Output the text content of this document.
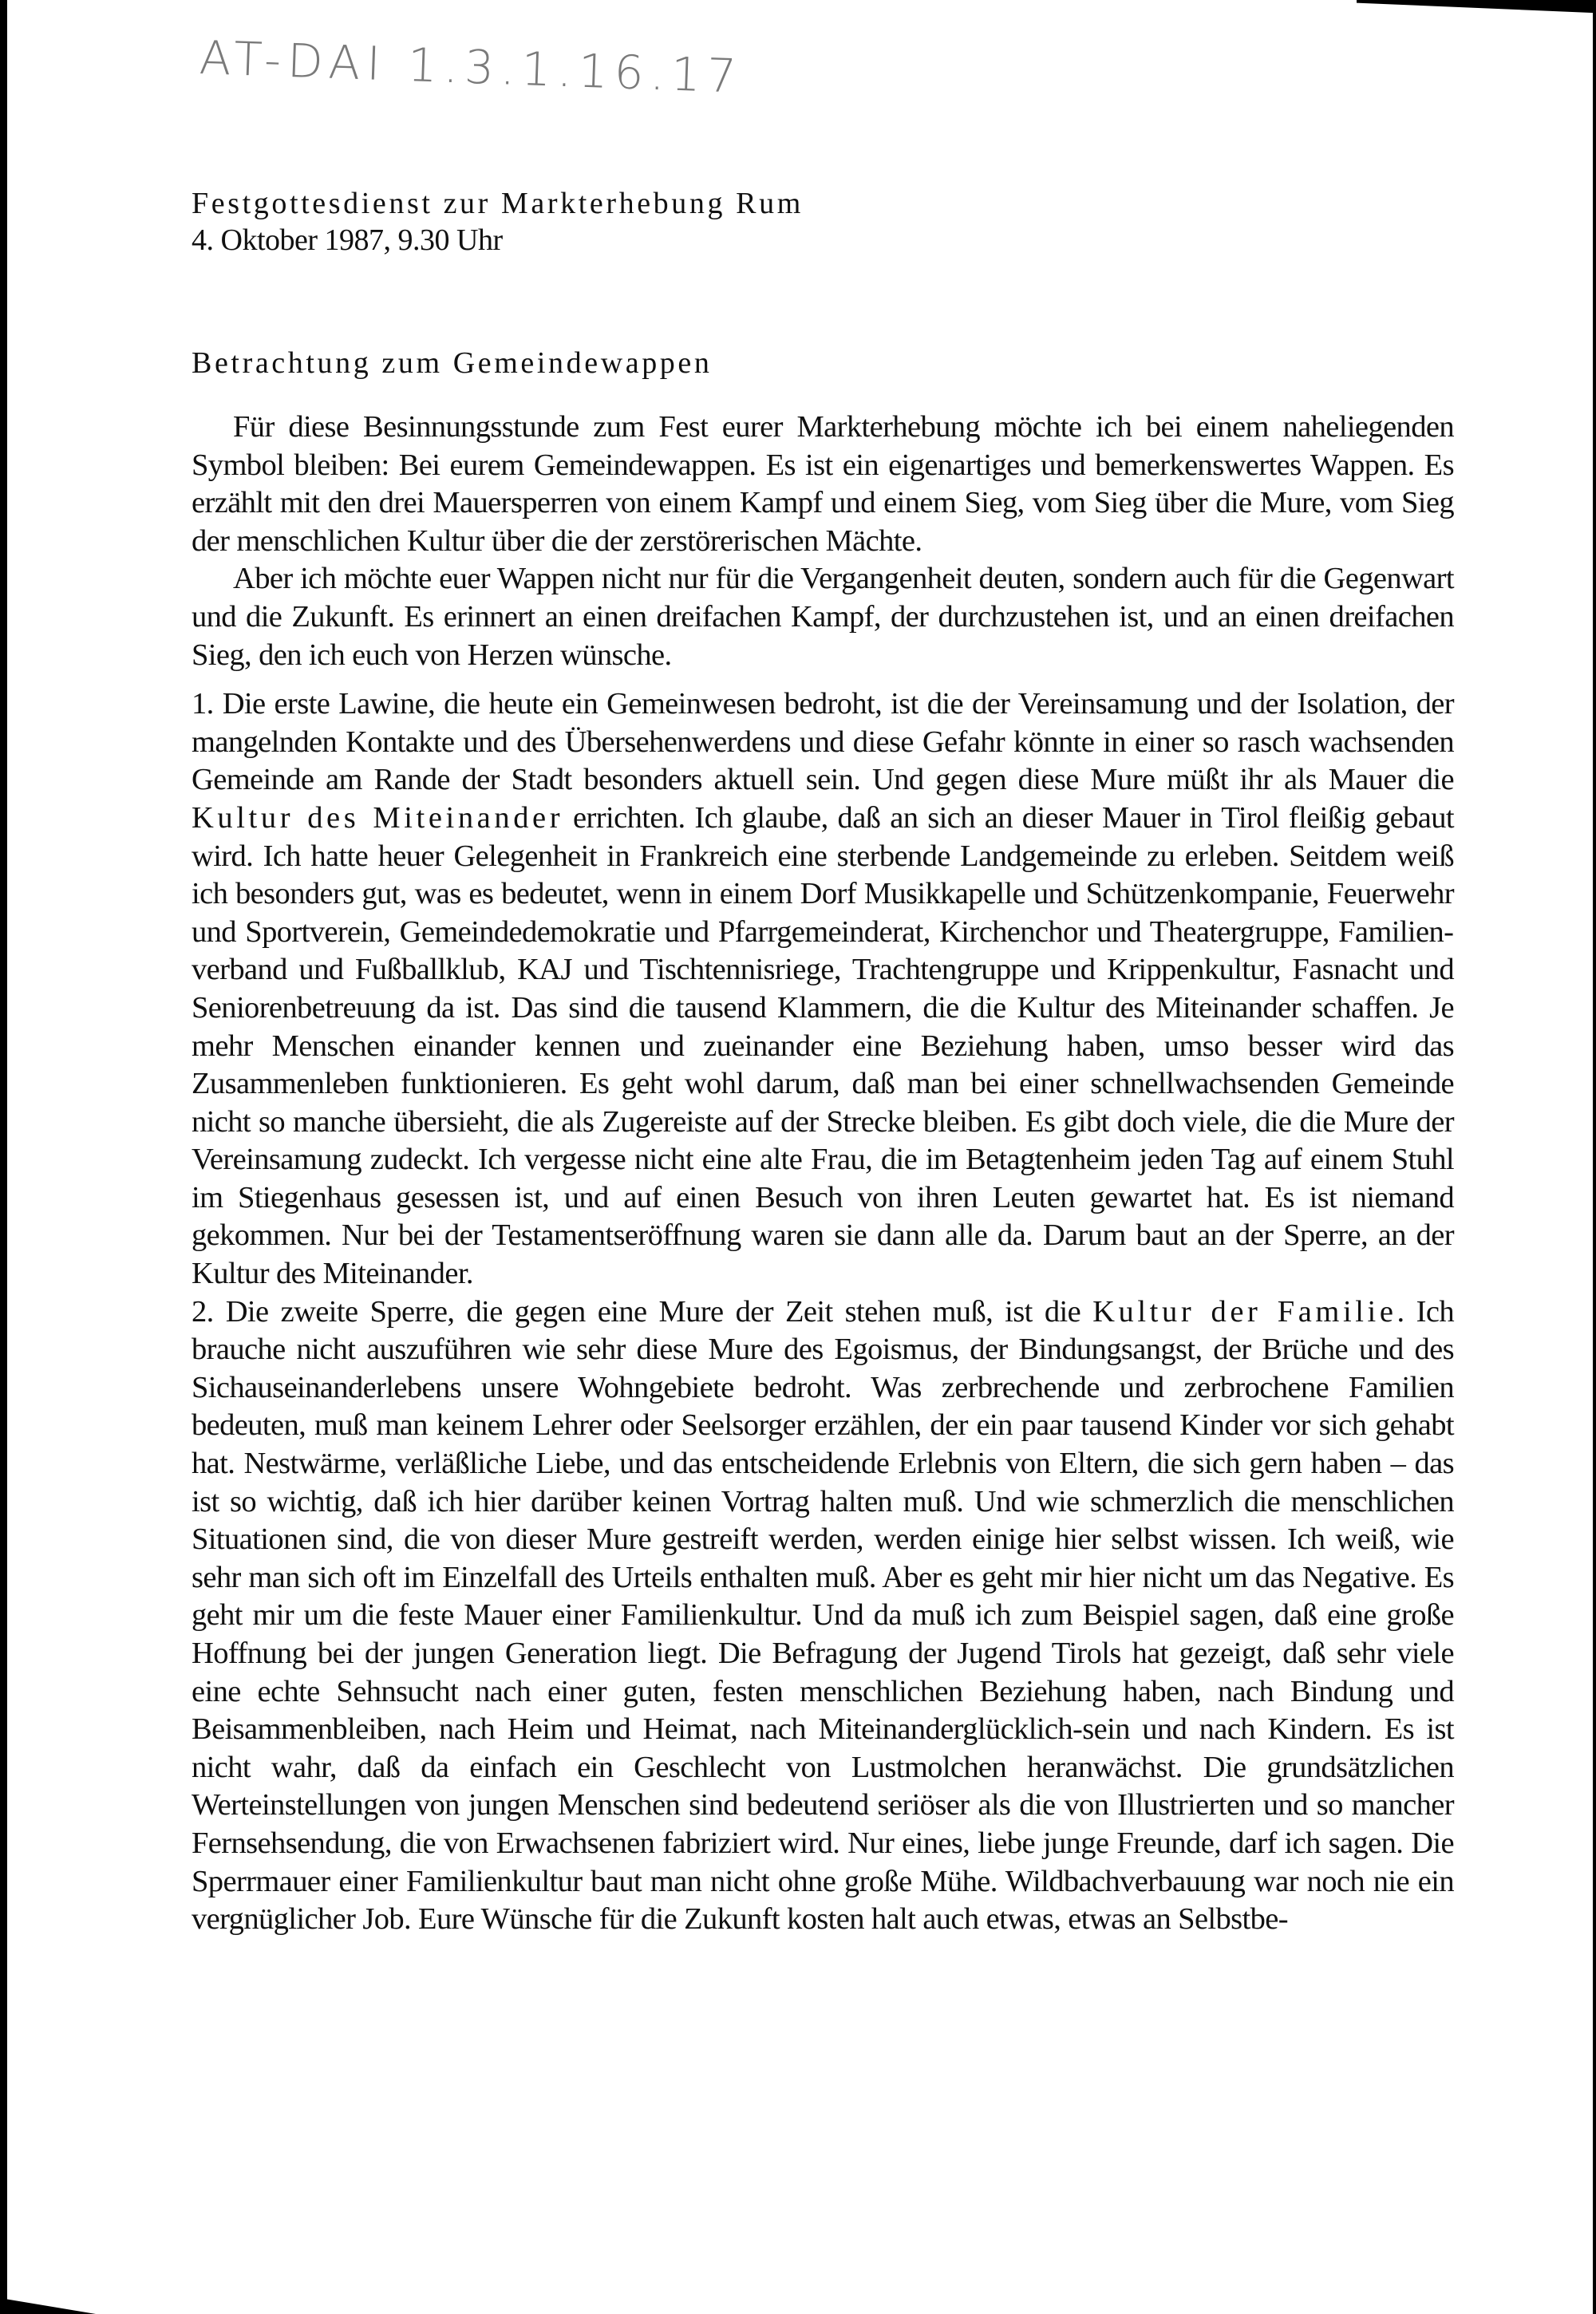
AT-DAI 1.3.1.16.17
Festgottesdienst zur Markterhebung Rum

4. Oktober 1987, 9.30 Uhr

Betrachtung zum Gemeindewappen

Für diese Besinnungsstunde zum Fest eurer Markterhebung möchte ich bei einem naheliegenden Symbol bleiben: Bei eurem Gemeindewappen. Es ist ein eigenartiges und bemerkenswertes Wappen. Es erzählt mit den drei Mauersperren von einem Kampf und einem Sieg, vom Sieg über die Mure, vom Sieg der menschlichen Kultur über die der zerstörerischen Mächte.

Aber ich möchte euer Wappen nicht nur für die Vergangenheit deuten, sondern auch für die Gegenwart und die Zukunft. Es erinnert an einen dreifachen Kampf, der durchzustehen ist, und an einen dreifachen Sieg, den ich euch von Herzen wünsche.

1. Die erste Lawine, die heute ein Gemeinwesen bedroht, ist die der Vereinsamung und der Isolation, der mangelnden Kontakte und des Übersehenwerdens und diese Gefahr könnte in einer so rasch wachsenden Gemeinde am Rande der Stadt besonders aktuell sein. Und gegen diese Mure müßt ihr als Mauer die Kultur des Miteinander errichten. Ich glaube, daß an sich an dieser Mauer in Tirol fleißig gebaut wird. Ich hatte heuer Gelegenheit in Frankreich eine sterbende Landgemeinde zu erleben. Seitdem weiß ich besonders gut, was es bedeutet, wenn in einem Dorf Musikkapelle und Schützenkompanie, Feuerwehr und Sportverein, Gemeindedemokratie und Pfarrgemeinderat, Kirchenchor und Theatergruppe, Familienverband und Fußballklub, KAJ und Tischtennisriege, Trachtengruppe und Krippenkultur, Fasnacht und Seniorenbetreuung da ist. Das sind die tausend Klammern, die die Kultur des Miteinander schaffen. Je mehr Menschen einander kennen und zueinander eine Beziehung haben, umso besser wird das Zusammenleben funktionieren. Es geht wohl darum, daß man bei einer schnellwachsenden Gemeinde nicht so manche übersieht, die als Zugereiste auf der Strecke bleiben. Es gibt doch viele, die die Mure der Vereinsamung zudeckt. Ich vergesse nicht eine alte Frau, die im Betagtenheim jeden Tag auf einem Stuhl im Stiegenhaus gesessen ist, und auf einen Besuch von ihren Leuten gewartet hat. Es ist niemand gekommen. Nur bei der Testamentseröffnung waren sie dann alle da. Darum baut an der Sperre, an der Kultur des Miteinander.

2. Die zweite Sperre, die gegen eine Mure der Zeit stehen muß, ist die Kultur der Familie. Ich brauche nicht auszuführen wie sehr diese Mure des Egoismus, der Bindungsangst, der Brüche und des Sichauseinanderlebens unsere Wohngebiete bedroht. Was zerbrechende und zerbrochene Familien bedeuten, muß man keinem Lehrer oder Seelsorger erzählen, der ein paar tausend Kinder vor sich gehabt hat. Nestwärme, verläßliche Liebe, und das entscheidende Erlebnis von Eltern, die sich gern haben – das ist so wichtig, daß ich hier darüber keinen Vortrag halten muß. Und wie schmerzlich die menschlichen Situationen sind, die von dieser Mure gestreift werden, werden einige hier selbst wissen. Ich weiß, wie sehr man sich oft im Einzelfall des Urteils enthalten muß. Aber es geht mir hier nicht um das Negative. Es geht mir um die feste Mauer einer Familienkultur. Und da muß ich zum Beispiel sagen, daß eine große Hoffnung bei der jungen Generation liegt. Die Befragung der Jugend Tirols hat gezeigt, daß sehr viele eine echte Sehnsucht nach einer guten, festen menschlichen Beziehung haben, nach Bindung und Beisammenbleiben, nach Heim und Heimat, nach Miteinanderglücklich-sein und nach Kindern. Es ist nicht wahr, daß da einfach ein Geschlecht von Lustmolchen heranwächst. Die grundsätzlichen Werteinstellungen von jungen Menschen sind bedeutend seriöser als die von Illustrierten und so mancher Fernsehsendung, die von Erwachsenen fabriziert wird. Nur eines, liebe junge Freunde, darf ich sagen. Die Sperrmauer einer Familienkultur baut man nicht ohne große Mühe. Wildbachverbauung war noch nie ein vergnüglicher Job. Eure Wünsche für die Zukunft kosten halt auch etwas, etwas an Selbstbe-
